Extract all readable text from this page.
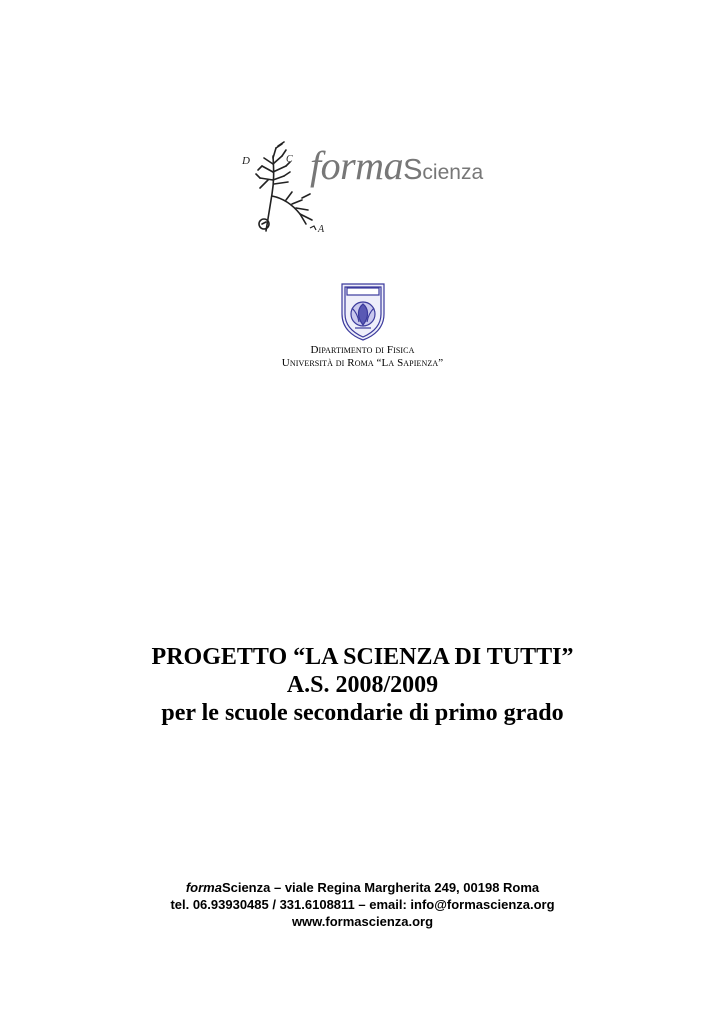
D	C
A
formaScienza
Dipartimento di Fisica
Università di Roma “La Sapienza”
PROGETTO “LA SCIENZA DI TUTTI”
A.S. 2008/2009
per le scuole secondarie di primo grado
formaScienza – viale Regina Margherita 249, 00198 Roma
tel. 06.93930485 / 331.6108811 – email: info@formascienza.org
www.formascienza.org
